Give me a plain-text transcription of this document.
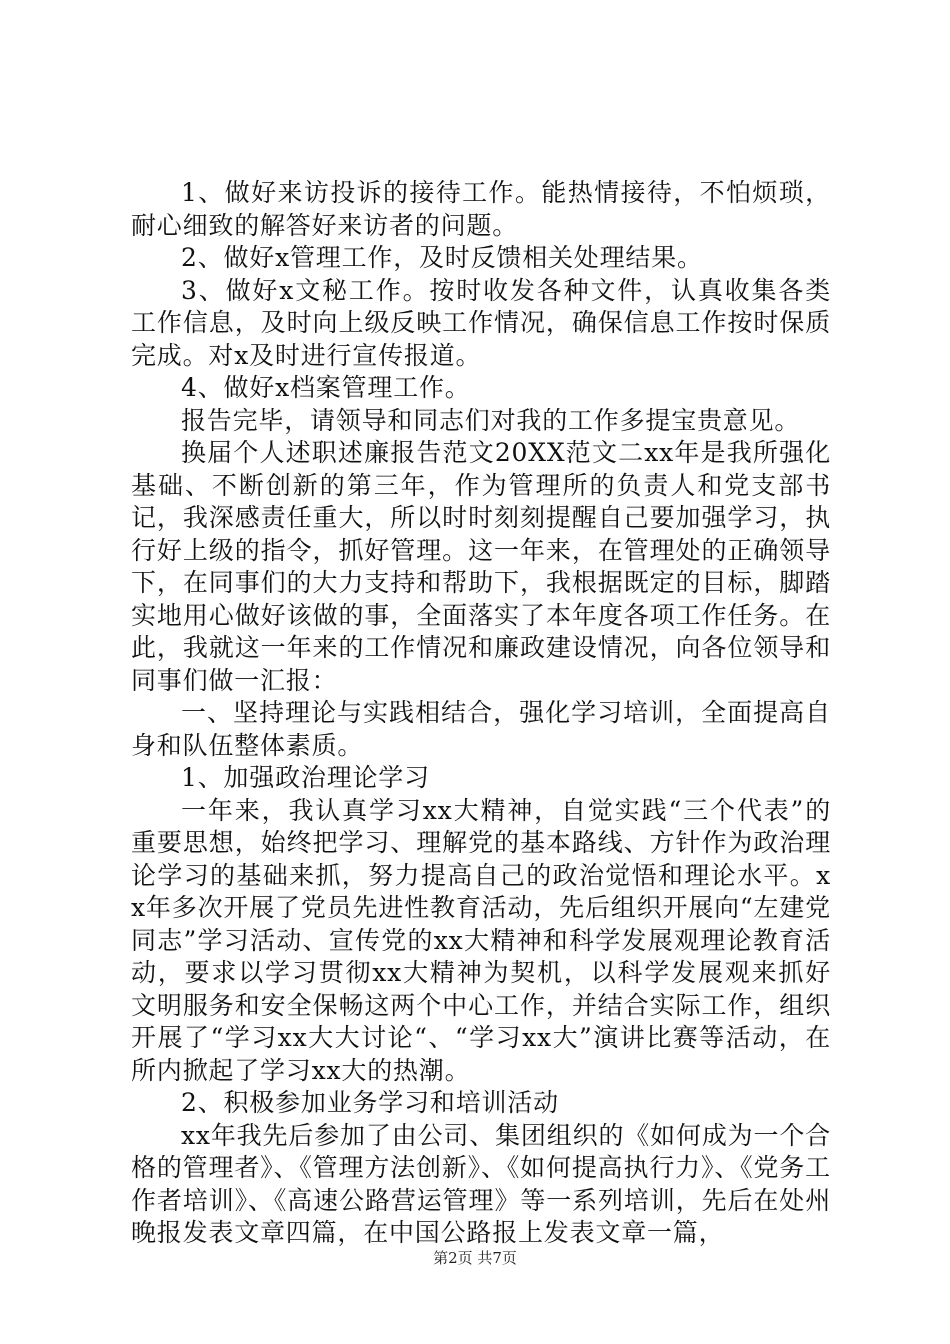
1、做好来访投诉的接待工作。能热情接待，不怕烦琐，耐心细致的解答好来访者的问题。

2、做好x管理工作，及时反馈相关处理结果。

3、做好x文秘工作。按时收发各种文件，认真收集各类工作信息，及时向上级反映工作情况，确保信息工作按时保质完成。对x及时进行宣传报道。

4、做好x档案管理工作。

报告完毕，请领导和同志们对我的工作多提宝贵意见。

换届个人述职述廉报告范文20XX范文二xx年是我所强化基础、不断创新的第三年，作为管理所的负责人和党支部书记，我深感责任重大，所以时时刻刻提醒自己要加强学习，执行好上级的指令，抓好管理。这一年来，在管理处的正确领导下，在同事们的大力支持和帮助下，我根据既定的目标，脚踏实地用心做好该做的事，全面落实了本年度各项工作任务。在此，我就这一年来的工作情况和廉政建设情况，向各位领导和同事们做一汇报：

一、坚持理论与实践相结合，强化学习培训，全面提高自身和队伍整体素质。

1、加强政治理论学习

一年来，我认真学习xx大精神，自觉实践“三个代表”的重要思想，始终把学习、理解党的基本路线、方针作为政治理论学习的基础来抓，努力提高自己的政治觉悟和理论水平。xx年多次开展了党员先进性教育活动，先后组织开展向“左建党同志”学习活动、宣传党的xx大精神和科学发展观理论教育活动，要求以学习贯彻xx大精神为契机，以科学发展观来抓好文明服务和安全保畅这两个中心工作，并结合实际工作，组织开展了“学习xx大大讨论“、“学习xx大”演讲比赛等活动，在所内掀起了学习xx大的热潮。

2、积极参加业务学习和培训活动

xx年我先后参加了由公司、集团组织的《如何成为一个合格的管理者》、《管理方法创新》、《如何提高执行力》、《党务工作者培训》、《高速公路营运管理》等一系列培训，先后在处州晚报发表文章四篇，在中国公路报上发表文章一篇，

第2页 共7页
